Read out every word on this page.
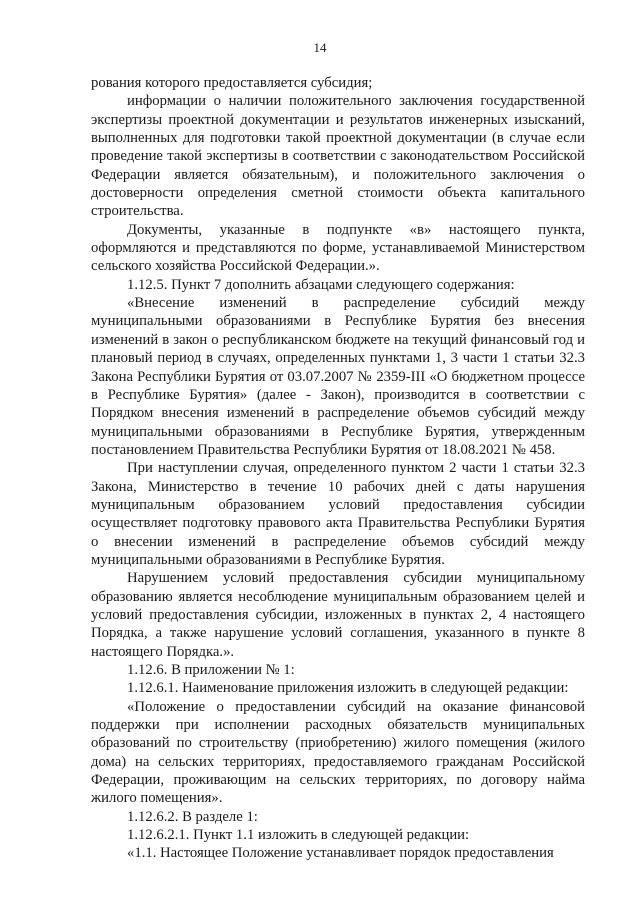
14

рования которого предоставляется субсидия;

информации о наличии положительного заключения государственной экспертизы проектной документации и результатов инженерных изысканий, выполненных для подготовки такой проектной документации (в случае если проведение такой экспертизы в соответствии с законодательством Российской Федерации является обязательным), и положительного заключения о достоверности определения сметной стоимости объекта капитального строительства.

Документы, указанные в подпункте «в» настоящего пункта, оформляются и представляются по форме, устанавливаемой Министерством сельского хозяйства Российской Федерации.».

1.12.5. Пункт 7 дополнить абзацами следующего содержания:

«Внесение изменений в распределение субсидий между муниципальными образованиями в Республике Бурятия без внесения изменений в закон о республиканском бюджете на текущий финансовый год и плановый период в случаях, определенных пунктами 1, 3 части 1 статьи 32.3 Закона Республики Бурятия от 03.07.2007 № 2359-III «О бюджетном процессе в Республике Бурятия» (далее - Закон), производится в соответствии с Порядком внесения изменений в распределение объемов субсидий между муниципальными образованиями в Республике Бурятия, утвержденным постановлением Правительства Республики Бурятия от 18.08.2021 № 458.

При наступлении случая, определенного пунктом 2 части 1 статьи 32.3 Закона, Министерство в течение 10 рабочих дней с даты нарушения муниципальным образованием условий предоставления субсидии осуществляет подготовку правового акта Правительства Республики Бурятия о внесении изменений в распределение объемов субсидий между муниципальными образованиями в Республике Бурятия.

Нарушением условий предоставления субсидии муниципальному образованию является несоблюдение муниципальным образованием целей и условий предоставления субсидии, изложенных в пунктах 2, 4 настоящего Порядка, а также нарушение условий соглашения, указанного в пункте 8 настоящего Порядка.».

1.12.6. В приложении № 1:

1.12.6.1. Наименование приложения изложить в следующей редакции:

«Положение о предоставлении субсидий на оказание финансовой поддержки при исполнении расходных обязательств муниципальных образований по строительству (приобретению) жилого помещения (жилого дома) на сельских территориях, предоставляемого гражданам Российской Федерации, проживающим на сельских территориях, по договору найма жилого помещения».

1.12.6.2. В разделе 1:

1.12.6.2.1. Пункт 1.1 изложить в следующей редакции:

«1.1. Настоящее Положение устанавливает порядок предоставления
